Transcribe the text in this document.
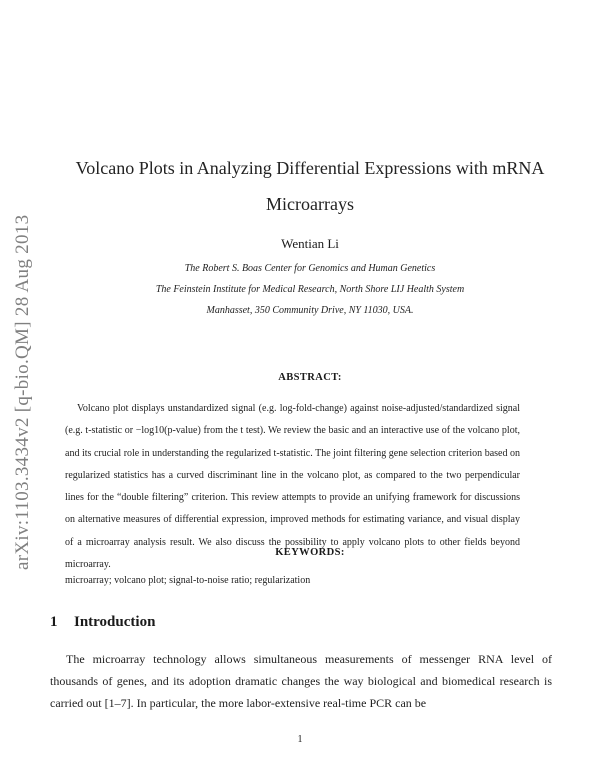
arXiv:1103.3434v2 [q-bio.QM] 28 Aug 2013
Volcano Plots in Analyzing Differential Expressions with mRNA Microarrays
Wentian Li
The Robert S. Boas Center for Genomics and Human Genetics
The Feinstein Institute for Medical Research, North Shore LIJ Health System
Manhasset, 350 Community Drive, NY 11030, USA.
ABSTRACT:
Volcano plot displays unstandardized signal (e.g. log-fold-change) against noise-adjusted/standardized signal (e.g. t-statistic or −log10(p-value) from the t test). We review the basic and an interactive use of the volcano plot, and its crucial role in understanding the regularized t-statistic. The joint filtering gene selection criterion based on regularized statistics has a curved discriminant line in the volcano plot, as compared to the two perpendicular lines for the “double filtering” criterion. This review attempts to provide an unifying framework for discussions on alternative measures of differential expression, improved methods for estimating variance, and visual display of a microarray analysis result. We also discuss the possibility to apply volcano plots to other fields beyond microarray.
KEYWORDS:
microarray; volcano plot; signal-to-noise ratio; regularization
1 Introduction
The microarray technology allows simultaneous measurements of messenger RNA level of thousands of genes, and its adoption dramatic changes the way biological and biomedical research is carried out [1–7]. In particular, the more labor-extensive real-time PCR can be
1
